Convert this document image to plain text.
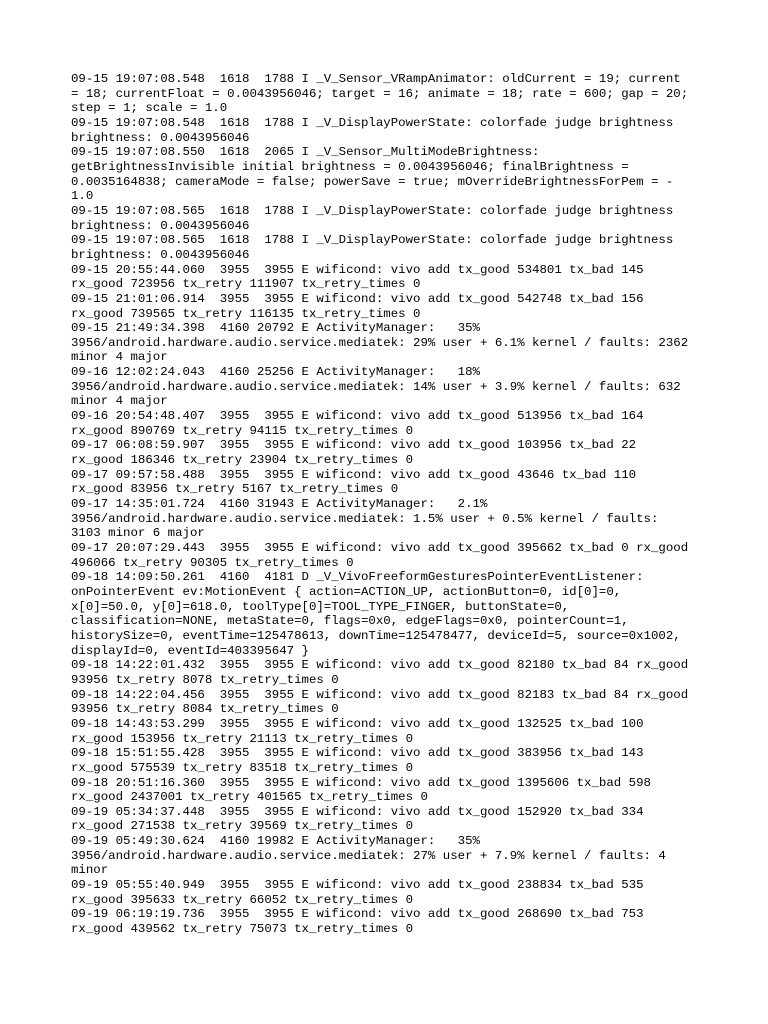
09-15 19:07:08.548  1618  1788 I _V_Sensor_VRampAnimator: oldCurrent = 19; current
= 18; currentFloat = 0.0043956046; target = 16; animate = 18; rate = 600; gap = 20;
step = 1; scale = 1.0
09-15 19:07:08.548  1618  1788 I _V_DisplayPowerState: colorfade judge brightness
brightness: 0.0043956046
09-15 19:07:08.550  1618  2065 I _V_Sensor_MultiModeBrightness:
getBrightnessInvisible initial brightness = 0.0043956046; finalBrightness =
0.0035164838; cameraMode = false; powerSave = true; mOverrideBrightnessForPem = -
1.0
09-15 19:07:08.565  1618  1788 I _V_DisplayPowerState: colorfade judge brightness
brightness: 0.0043956046
09-15 19:07:08.565  1618  1788 I _V_DisplayPowerState: colorfade judge brightness
brightness: 0.0043956046
09-15 20:55:44.060  3955  3955 E wificond: vivo add tx_good 534801 tx_bad 145
rx_good 723956 tx_retry 111907 tx_retry_times 0
09-15 21:01:06.914  3955  3955 E wificond: vivo add tx_good 542748 tx_bad 156
rx_good 739565 tx_retry 116135 tx_retry_times 0
09-15 21:49:34.398  4160 20792 E ActivityManager:   35%
3956/android.hardware.audio.service.mediatek: 29% user + 6.1% kernel / faults: 2362
minor 4 major
09-16 12:02:24.043  4160 25256 E ActivityManager:   18%
3956/android.hardware.audio.service.mediatek: 14% user + 3.9% kernel / faults: 632
minor 4 major
09-16 20:54:48.407  3955  3955 E wificond: vivo add tx_good 513956 tx_bad 164
rx_good 890769 tx_retry 94115 tx_retry_times 0
09-17 06:08:59.907  3955  3955 E wificond: vivo add tx_good 103956 tx_bad 22
rx_good 186346 tx_retry 23904 tx_retry_times 0
09-17 09:57:58.488  3955  3955 E wificond: vivo add tx_good 43646 tx_bad 110
rx_good 83956 tx_retry 5167 tx_retry_times 0
09-17 14:35:01.724  4160 31943 E ActivityManager:   2.1%
3956/android.hardware.audio.service.mediatek: 1.5% user + 0.5% kernel / faults:
3103 minor 6 major
09-17 20:07:29.443  3955  3955 E wificond: vivo add tx_good 395662 tx_bad 0 rx_good
496066 tx_retry 90305 tx_retry_times 0
09-18 14:09:50.261  4160  4181 D _V_VivoFreeformGesturesPointerEventListener:
onPointerEvent ev:MotionEvent { action=ACTION_UP, actionButton=0, id[0]=0,
x[0]=50.0, y[0]=618.0, toolType[0]=TOOL_TYPE_FINGER, buttonState=0,
classification=NONE, metaState=0, flags=0x0, edgeFlags=0x0, pointerCount=1,
historySize=0, eventTime=125478613, downTime=125478477, deviceId=5, source=0x1002,
displayId=0, eventId=403395647 }
09-18 14:22:01.432  3955  3955 E wificond: vivo add tx_good 82180 tx_bad 84 rx_good
93956 tx_retry 8078 tx_retry_times 0
09-18 14:22:04.456  3955  3955 E wificond: vivo add tx_good 82183 tx_bad 84 rx_good
93956 tx_retry 8084 tx_retry_times 0
09-18 14:43:53.299  3955  3955 E wificond: vivo add tx_good 132525 tx_bad 100
rx_good 153956 tx_retry 21113 tx_retry_times 0
09-18 15:51:55.428  3955  3955 E wificond: vivo add tx_good 383956 tx_bad 143
rx_good 575539 tx_retry 83518 tx_retry_times 0
09-18 20:51:16.360  3955  3955 E wificond: vivo add tx_good 1395606 tx_bad 598
rx_good 2437001 tx_retry 401565 tx_retry_times 0
09-19 05:34:37.448  3955  3955 E wificond: vivo add tx_good 152920 tx_bad 334
rx_good 271538 tx_retry 39569 tx_retry_times 0
09-19 05:49:30.624  4160 19982 E ActivityManager:   35%
3956/android.hardware.audio.service.mediatek: 27% user + 7.9% kernel / faults: 4
minor
09-19 05:55:40.949  3955  3955 E wificond: vivo add tx_good 238834 tx_bad 535
rx_good 395633 tx_retry 66052 tx_retry_times 0
09-19 06:19:19.736  3955  3955 E wificond: vivo add tx_good 268690 tx_bad 753
rx_good 439562 tx_retry 75073 tx_retry_times 0
